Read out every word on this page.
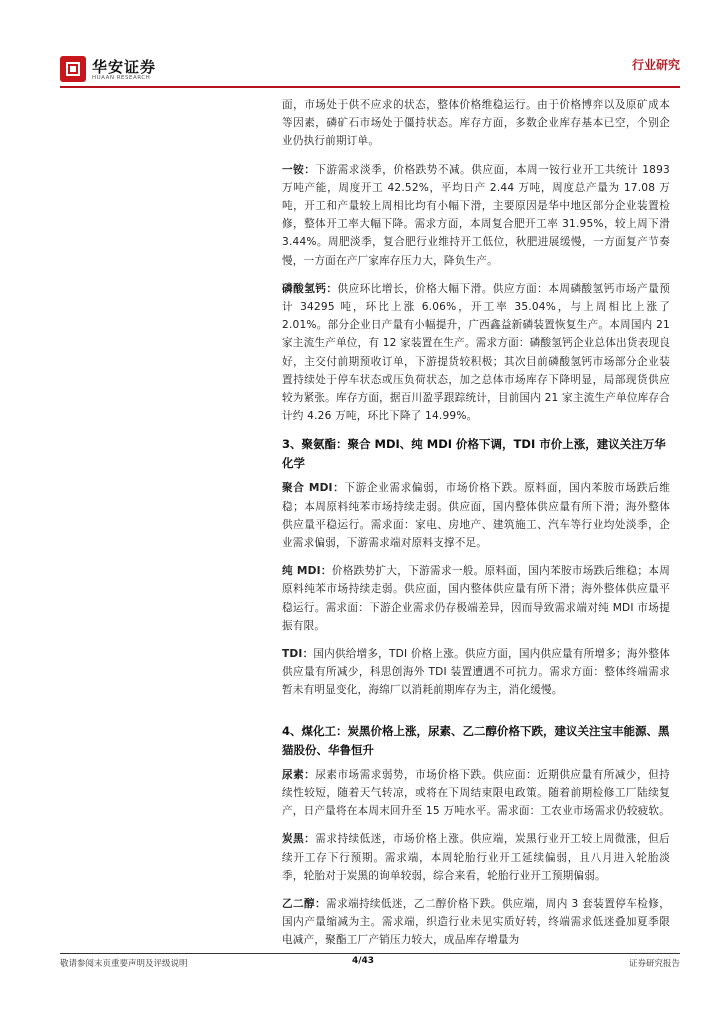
华安证券
HUAAN RESEARCH
行业研究

面，市场处于供不应求的状态，整体价格维稳运行。由于价格博弈以及原矿成本等因素，磷矿石市场处于僵持状态。库存方面，多数企业库存基本已空，个别企业仍执行前期订单。

一铵：下游需求淡季，价格跌势不减。供应面，本周一铵行业开工共统计 1893 万吨产能，周度开工 42.52%，平均日产 2.44 万吨，周度总产量为 17.08 万吨，开工和产量较上周相比均有小幅下滑，主要原因是华中地区部分企业装置检修，整体开工率大幅下降。需求方面，本周复合肥开工率 31.95%，较上周下滑 3.44%。周肥淡季，复合肥行业维持开工低位，秋肥进展缓慢，一方面复产节奏慢，一方面在产厂家库存压力大，降负生产。

磷酸氢钙：供应环比增长，价格大幅下滑。供应方面：本周磷酸氢钙市场产量预计 34295 吨，环比上涨 6.06%，开工率 35.04%，与上周相比上涨了 2.01%。部分企业日产量有小幅提升，广西鑫益新磷装置恢复生产。本周国内 21 家主流生产单位，有 12 家装置在生产。需求方面：磷酸氢钙企业总体出货表现良好，主交付前期预收订单，下游提货较积极；其次目前磷酸氢钙市场部分企业装置持续处于停车状态或压负荷状态，加之总体市场库存下降明显，局部现货供应较为紧张。库存方面，据百川盈孚跟踪统计，目前国内 21 家主流生产单位库存合计约 4.26 万吨，环比下降了 14.99%。

3、聚氨酯：聚合 MDI、纯 MDI 价格下调，TDI 市价上涨，建议关注万华化学

聚合 MDI：下游企业需求偏弱，市场价格下跌。原料面，国内苯胺市场跌后维稳；本周原料纯苯市场持续走弱。供应面，国内整体供应量有所下滑；海外整体供应量平稳运行。需求面：家电、房地产、建筑施工、汽车等行业均处淡季，企业需求偏弱，下游需求端对原料支撑不足。

纯 MDI：价格跌势扩大，下游需求一般。原料面，国内苯胺市场跌后维稳；本周原料纯苯市场持续走弱。供应面，国内整体供应量有所下滑；海外整体供应量平稳运行。需求面：下游企业需求仍存极端差异，因而导致需求端对纯 MDI 市场提振有限。

TDI：国内供给增多，TDI 价格上涨。供应方面，国内供应量有所增多；海外整体供应量有所减少，科思创海外 TDI 装置遭遇不可抗力。需求方面：整体终端需求暂未有明显变化，海绵厂以消耗前期库存为主，消化缓慢。

4、煤化工：炭黑价格上涨，尿素、乙二醇价格下跌，建议关注宝丰能源、黑猫股份、华鲁恒升

尿素：尿素市场需求弱势，市场价格下跌。供应面：近期供应量有所减少，但持续性较短，随着天气转凉，或将在下周结束限电政策。随着前期检修工厂陆续复产，日产量将在本周末回升至 15 万吨水平。需求面：工农业市场需求仍较疲软。

炭黑：需求持续低迷，市场价格上涨。供应端，炭黑行业开工较上周微涨，但后续开工存下行预期。需求端，本周轮胎行业开工延续偏弱，且八月进入轮胎淡季，轮胎对于炭黑的询单较弱，综合来看，轮胎行业开工预期偏弱。

乙二醇：需求端持续低迷，乙二醇价格下跌。供应端，周内 3 套装置停车检修，国内产量缩减为主。需求端，织造行业未见实质好转，终端需求低迷叠加夏季限电减产，聚酯工厂产销压力较大，成品库存增量为

敬请参阅末页重要声明及评级说明	4/43	证券研究报告
